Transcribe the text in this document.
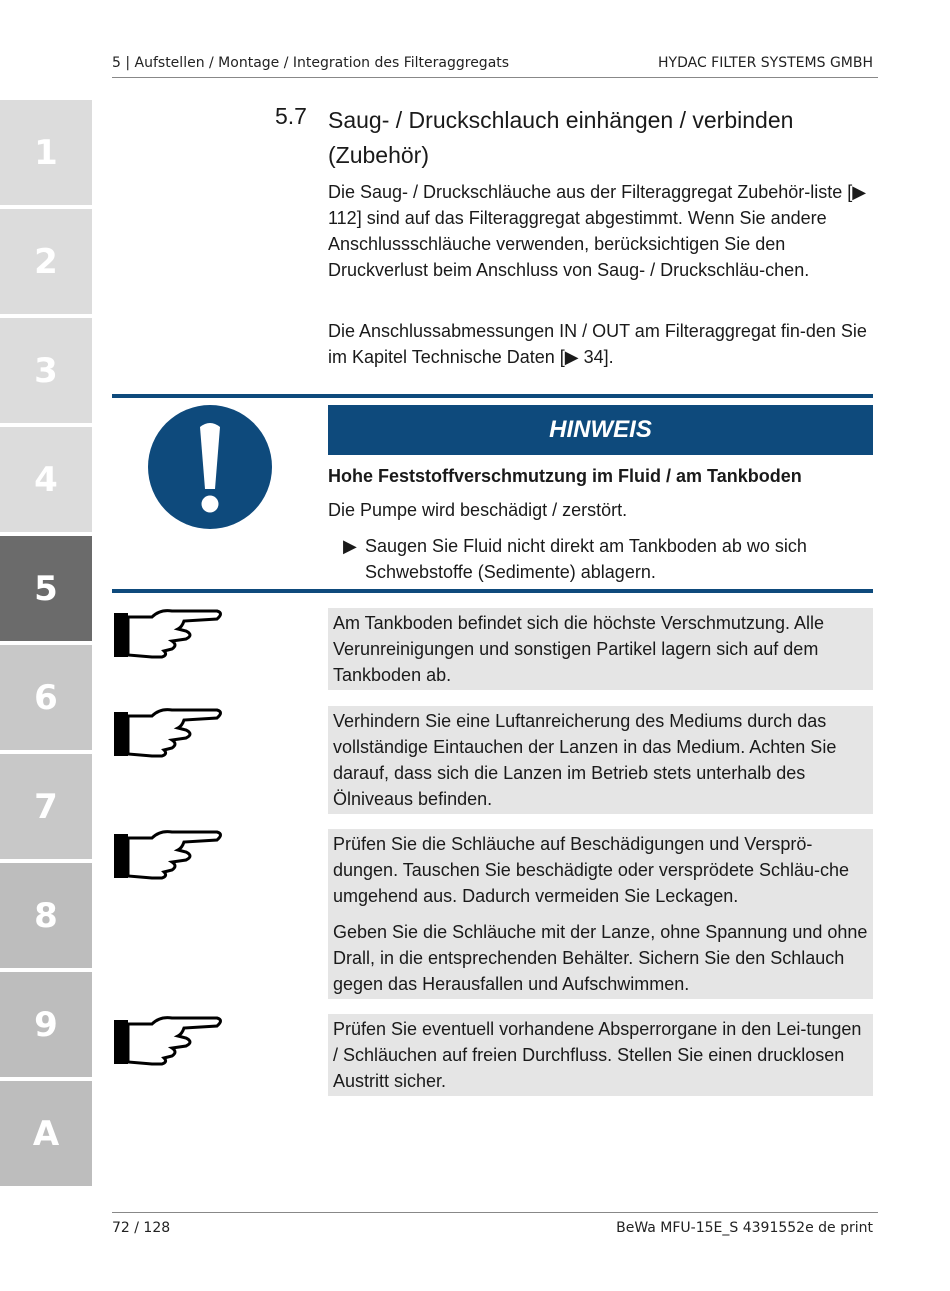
5 | Aufstellen / Montage / Integration des Filteraggregats	HYDAC FILTER SYSTEMS GMBH
1
2
3
4
5
6
7
8
9
A
5.7 Saug- / Druckschlauch einhängen / verbinden (Zubehör)
Die Saug- / Druckschläuche aus der Filteraggregat Zubehör-liste [▶ 112] sind auf das Filteraggregat abgestimmt. Wenn Sie andere Anschlussschläuche verwenden, berücksichtigen Sie den Druckverlust beim Anschluss von Saug- / Druckschläu-chen.
Die Anschlussabmessungen IN / OUT am Filteraggregat fin-den Sie im Kapitel Technische Daten [▶ 34].
HINWEIS
Hohe Feststoffverschmutzung im Fluid / am Tankboden
Die Pumpe wird beschädigt / zerstört.
▶ Saugen Sie Fluid nicht direkt am Tankboden ab wo sich Schwebstoffe (Sedimente) ablagern.

Am Tankboden befindet sich die höchste Verschmutzung. Alle Verunreinigungen und sonstigen Partikel lagern sich auf dem Tankboden ab.

Verhindern Sie eine Luftanreicherung des Mediums durch das vollständige Eintauchen der Lanzen in das Medium. Achten Sie darauf, dass sich die Lanzen im Betrieb stets unterhalb des Ölniveaus befinden.

Prüfen Sie die Schläuche auf Beschädigungen und Versprö-dungen. Tauschen Sie beschädigte oder versprödete Schläu-che umgehend aus. Dadurch vermeiden Sie Leckagen.

Geben Sie die Schläuche mit der Lanze, ohne Spannung und ohne Drall, in die entsprechenden Behälter. Sichern Sie den Schlauch gegen das Herausfallen und Aufschwimmen.

Prüfen Sie eventuell vorhandene Absperrorgane in den Lei-tungen / Schläuchen auf freien Durchfluss. Stellen Sie einen drucklosen Austritt sicher.

72 / 128	BeWa MFU-15E_S 4391552e de print
